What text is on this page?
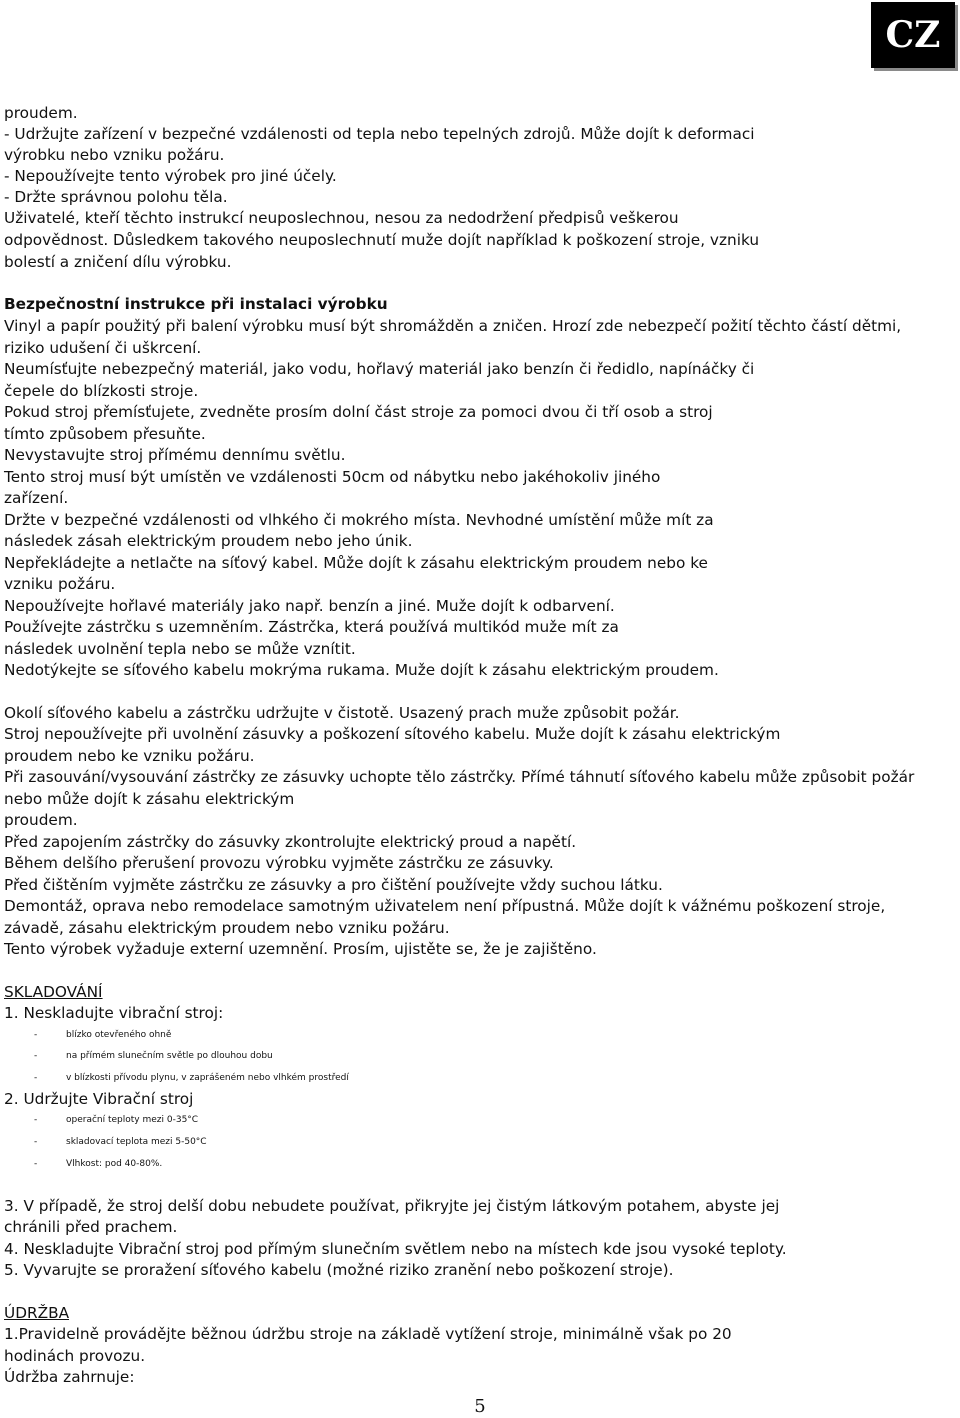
CZ
proudem.
- Udržujte zařízení v bezpečné vzdálenosti od tepla nebo tepelných zdrojů. Může dojít k deformaci
výrobku nebo vzniku požáru.
- Nepoužívejte tento výrobek pro jiné účely.
- Držte správnou polohu těla.
Uživatelé, kteří těchto instrukcí neuposlechnou, nesou za nedodržení předpisů veškerou
odpovědnost. Důsledkem takového neuposlechnutí muže dojít například k poškození stroje, vzniku
bolestí a zničení dílu výrobku.
Bezpečnostní instrukce při instalaci výrobku
Vinyl a papír použitý při balení výrobku musí být shromážděn a zničen. Hrozí zde nebezpečí požití těchto částí dětmi,
riziko udušení či uškrcení.
Neumísťujte nebezpečný materiál, jako vodu, hořlavý materiál jako benzín či ředidlo, napínáčky či
čepele do blízkosti stroje.
Pokud stroj přemísťujete, zvedněte prosím dolní část stroje za pomoci dvou či tří osob a stroj
tímto způsobem přesuňte.
Nevystavujte stroj přímému dennímu světlu.
Tento stroj musí být umístěn ve vzdálenosti 50cm od nábytku nebo jakéhokoliv jiného
zařízení.
Držte v bezpečné vzdálenosti od vlhkého či mokrého místa. Nevhodné umístění může mít za
následek zásah elektrickým proudem nebo jeho únik.
Nepřekládejte a netlačte na síťový kabel. Může dojít k zásahu elektrickým proudem nebo ke
vzniku požáru.
Nepoužívejte hořlavé materiály jako např. benzín a jiné. Muže dojít k odbarvení.
Používejte zástrčku s uzemněním. Zástrčka, která používá multikód muže mít za
následek uvolnění tepla nebo se může vznítit.
Nedotýkejte se síťového kabelu mokrýma rukama. Muže dojít k zásahu elektrickým proudem.
Okolí síťového kabelu a zástrčku udržujte v čistotě. Usazený prach muže způsobit požár.
Stroj nepoužívejte při uvolnění zásuvky a poškození sítového kabelu. Muže dojít k zásahu elektrickým
proudem nebo ke vzniku požáru.
Při zasouvání/vysouvání zástrčky ze zásuvky uchopte tělo zástrčky. Přímé táhnutí síťového kabelu může způsobit požár
nebo může dojít k zásahu elektrickým
proudem.
Před zapojením zástrčky do zásuvky zkontrolujte elektrický proud a napětí.
Během delšího přerušení provozu výrobku vyjměte zástrčku ze zásuvky.
Před čištěním vyjměte zástrčku ze zásuvky a pro čištění používejte vždy suchou látku.
Demontáž, oprava nebo remodelace samotným uživatelem není přípustná. Může dojít k vážnému poškození stroje,
závadě, zásahu elektrickým proudem nebo vzniku požáru.
Tento výrobek vyžaduje externí uzemnění. Prosím, ujistěte se, že je zajištěno.
SKLADOVÁNÍ
1. Neskladujte vibrační stroj:
-	blízko otevřeného ohně
-	na přímém slunečním světle po dlouhou dobu
-	v blízkosti přívodu plynu, v zaprášeném nebo vlhkém prostředí
2. Udržujte Vibrační stroj
-	operační teploty mezi 0-35°C
-	skladovací teplota mezi 5-50°C
-	Vlhkost: pod 40-80%.
3. V případě, že stroj delší dobu nebudete používat, přikryjte jej čistým látkovým potahem, abyste jej
chránili před prachem.
4. Neskladujte Vibrační stroj pod přímým slunečním světlem nebo na místech kde jsou vysoké teploty.
5. Vyvarujte se proražení síťového kabelu (možné riziko zranění nebo poškození stroje).
ÚDRŽBA
1.Pravidelně provádějte běžnou údržbu stroje na základě vytížení stroje, minimálně však po 20
hodinách provozu.
Údržba zahrnuje:
5
